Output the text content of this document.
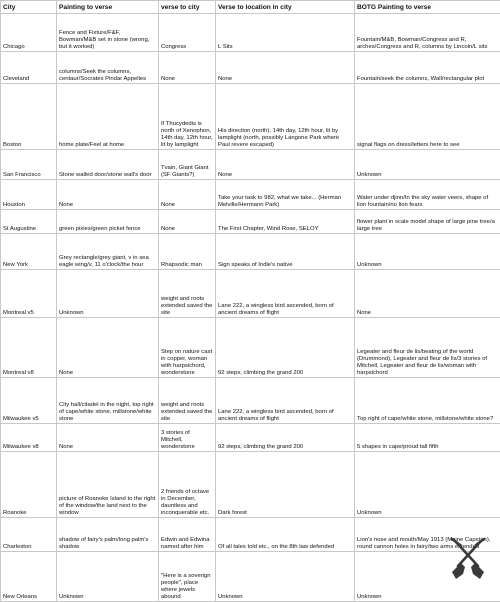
City	Painting to verse	verse to city	Verse to location in city	BOTG Painting to verse
Chicago	Fence and Fixture/F&F, Bowman/M&B set in stone (wrong, but it worked)	Congress	L Sits	Fountain/M&B, Bowman/Congress and R, arches/Congress and R, columns by Lincoln/L sits
Cleveland	columns/Seek the columns, centaur/Socrates Pindar Appelles	None	None	Fountain/seek the columns, Wall/rectangular plot
Boston	home plate/Feel at home	If Thucydedis is north of Xenophon, 14th day, 12th hour, lit by lamplight	His direction (north), 14th day, 12th hour, lit by lamplight (north, possibly Langone Park where Paul revere escaped)	signal flags on dress/letters here to see
San Francisco	Stone walled door/stone wall's door	Tvain, Giant Giant (SF Giants?)	None	Unknown
Houston	None	None	Take your task to 982, what we take... (Herman Melville/Hermann Park)	Water under djinn/In the sky water veers, shape of lion fountain/no lion fears
St Augustine	green pixies/green picket fence	None	The First Chapter, Wind Rose, SELOY	flower plant in scale model shape of large pine tree/a large tree
New York	Grey rectangle/grey giant, v in sea eagle wing/v, 11 o'clock/the hour	Rhapsodic man	Sign speaks of Indie's native	Unknown
Montreal v5	Unknown	weight and roots extended saved the site	Lane 222, a wingless bird ascended, born of ancient dreams of flight	None
Montreal v8	None	Step on nature cast in copper, woman with harpsichord, wonderstone	92 steps, climbing the grand 200	Legeater and fleur de lis/beating of the world (Drummond), Legeater and fleur de lis/3 stories of Mitchell, Legeater and fleur de lis/woman with harpsichord
Milwaukee v5	City hall/citadel in the night, top right of cape/white stone, millstone/white stone	weight and roots extended saved the site	Lane 222, a wingless bird ascended, born of ancient dreams of flight	Top right of cape/white stone, millstone/white stone?
Milwaukee v8	None	3 stories of Mitchell, wonderstone	92 steps, climbing the grand 200	5 shapes in cape/proud tall fifth
Roanoke	picture of Roanoke Island to the right of the window/the land next to the window	2 friends of octave in December, dauntless and inconquerable etc.	Dark forest	Unknown
Charleston	shadow of fairy's palm/long palm's shadow	Edwin and Edwina named after him	Of all tales told etc., on the 8th law defended	Lion's nose and mouth/May 1913 (Maine Capstan), round cannon holes in fairy/two arms extended
New Orleans	Unknown	"Here is a soverign people", place where jewels abound	Unknown	Unknown
